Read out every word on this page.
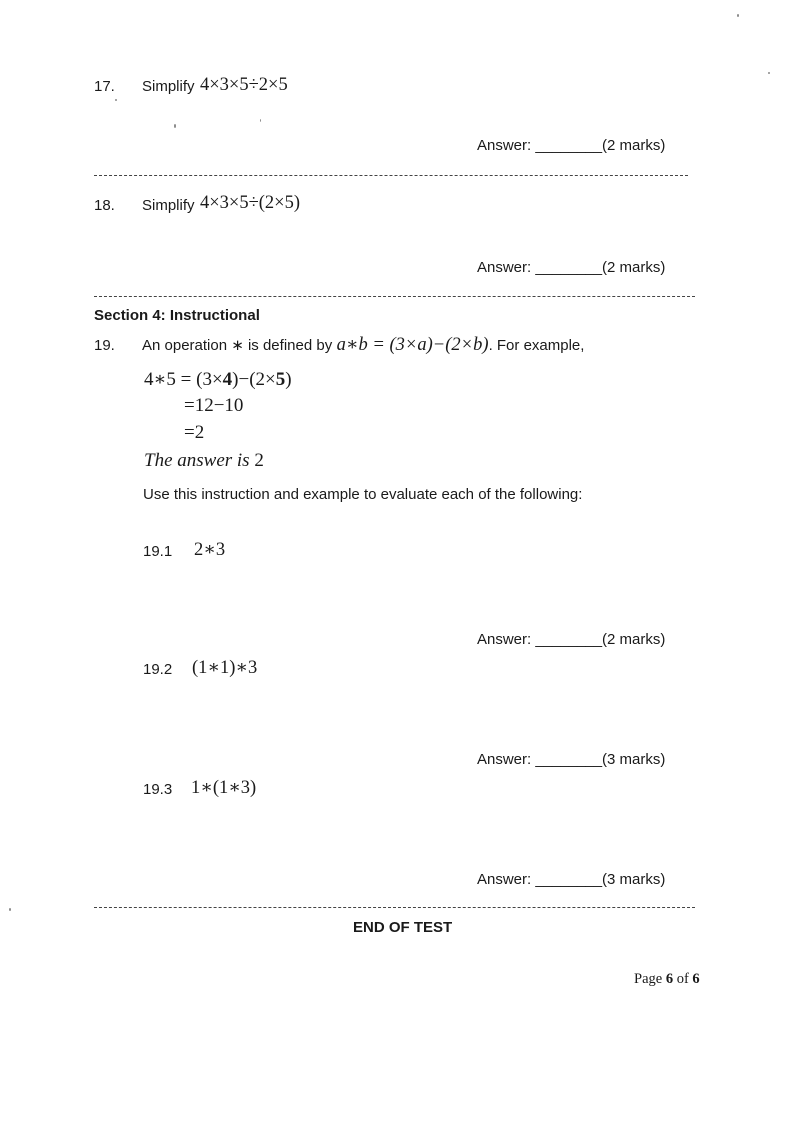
17. Simplify 4×3×5÷2×5
Answer: ________ (2 marks)
18. Simplify 4×3×5÷(2×5)
Answer: ________ (2 marks)
Section 4: Instructional
19. An operation ∗ is defined by a∗b = (3×a)−(2×b). For example,
4∗5 = (3×4)−(2×5)
=12−10
=2
The answer is 2
Use this instruction and example to evaluate each of the following:
19.1 2∗3
Answer: ________ (2 marks)
19.2 (1∗1)∗3
Answer: ________ (3 marks)
19.3 1∗(1∗3)
Answer: ________ (3 marks)
END OF TEST
Page 6 of 6
